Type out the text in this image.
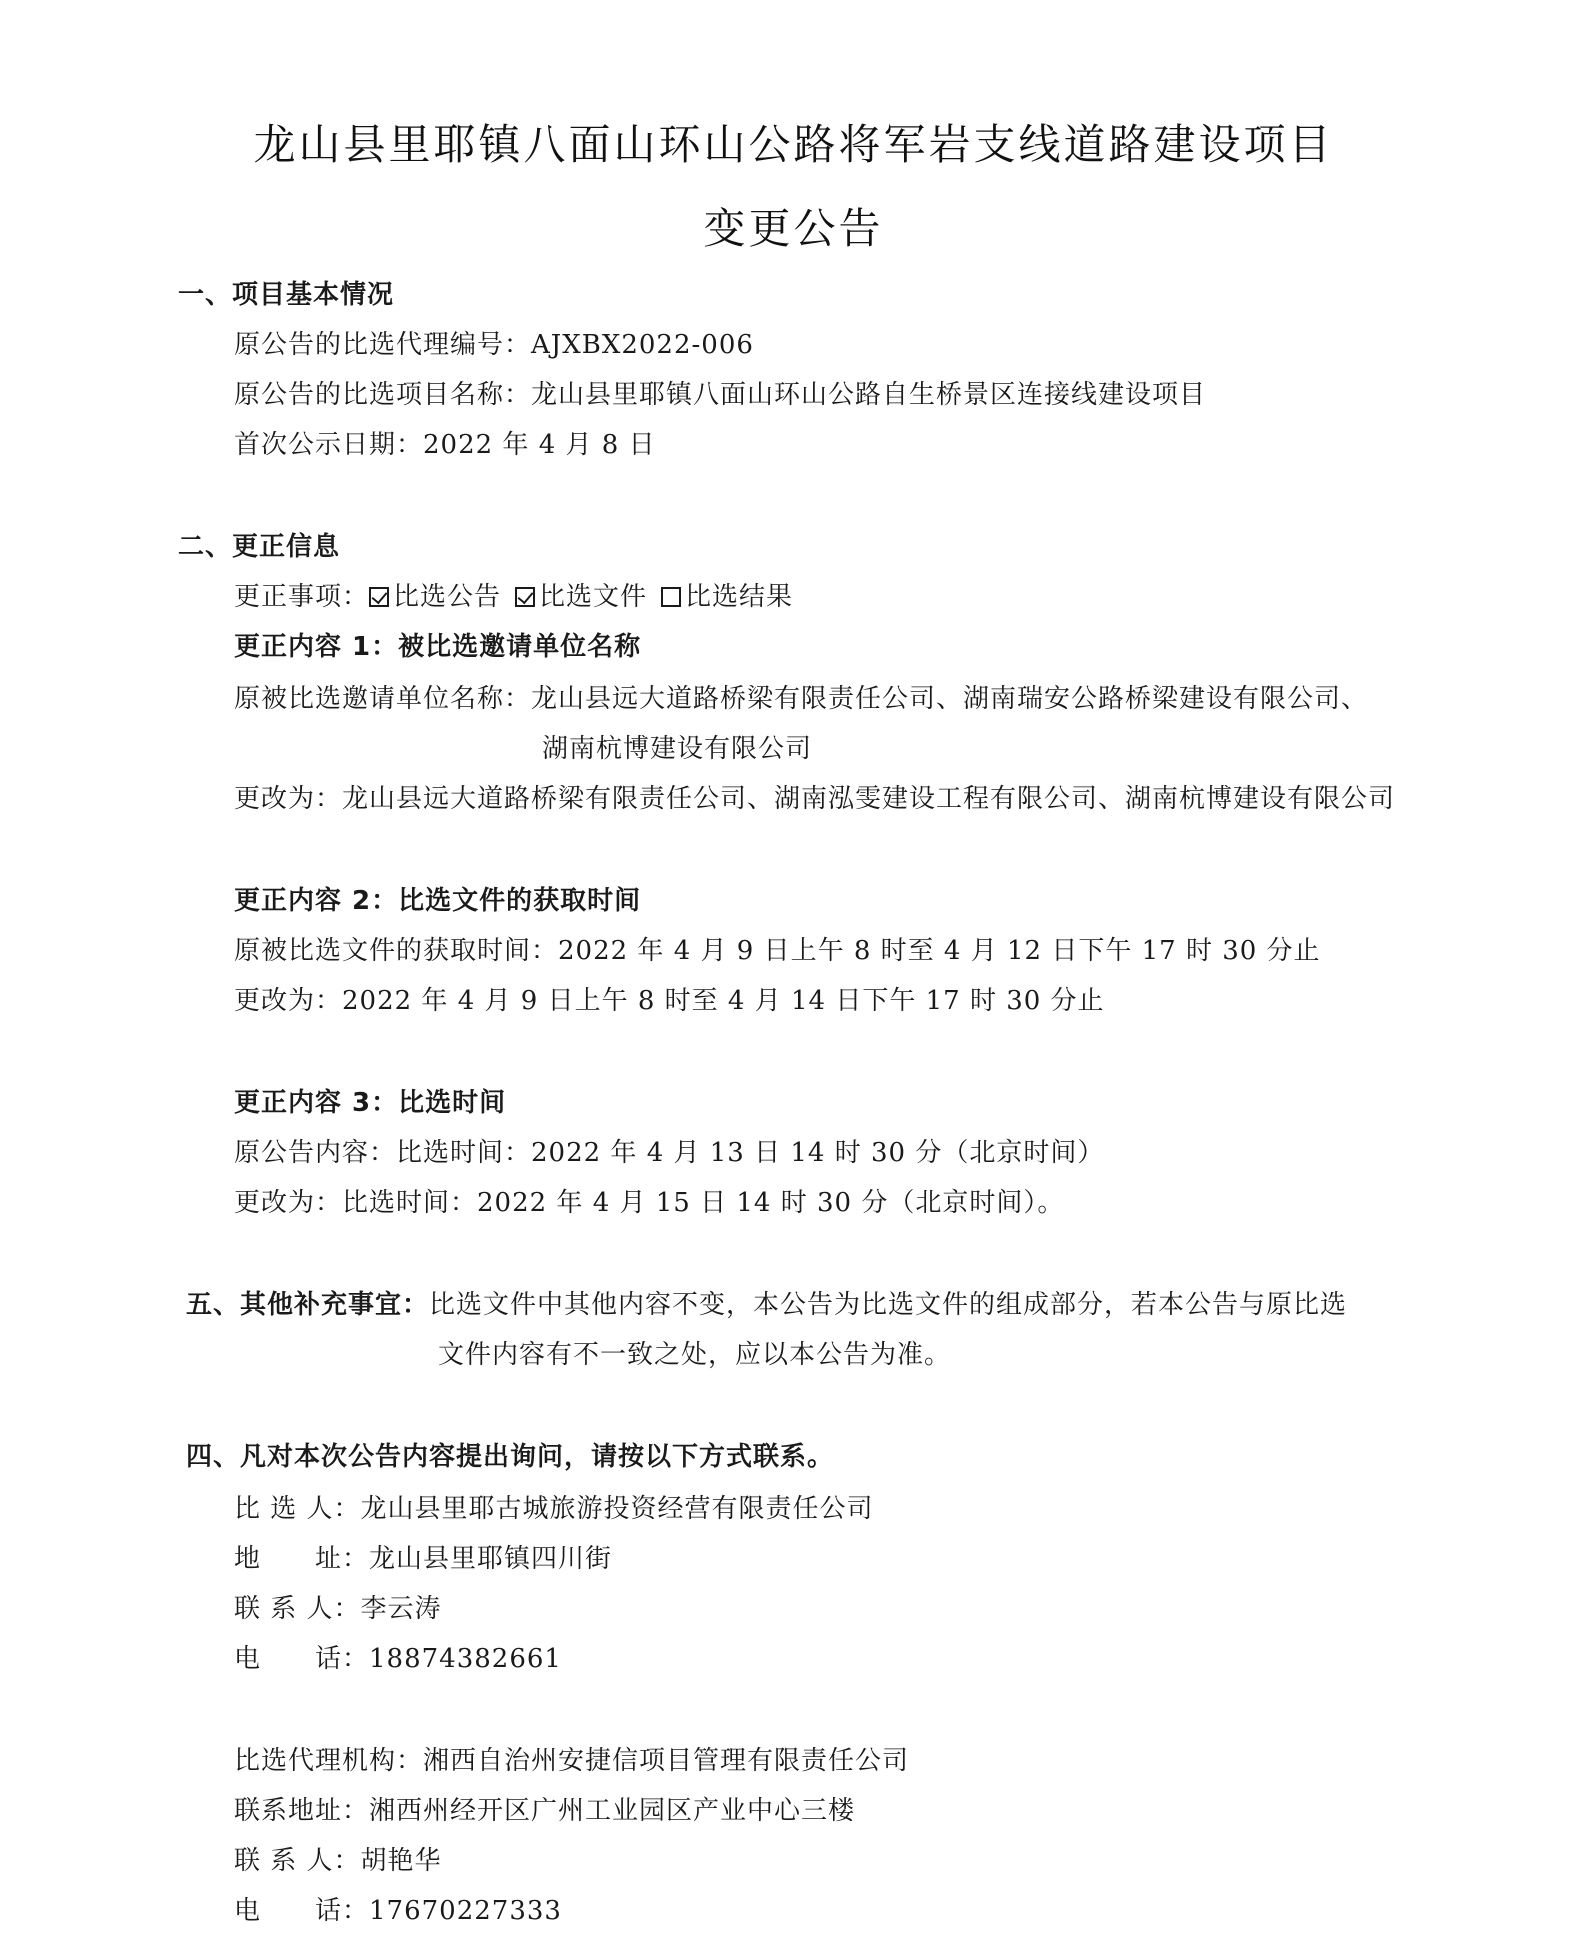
龙山县里耶镇八面山环山公路将军岩支线道路建设项目
变更公告
一、项目基本情况
原公告的比选代理编号：AJXBX2022-006
原公告的比选项目名称：龙山县里耶镇八面山环山公路自生桥景区连接线建设项目
首次公示日期：2022 年 4 月 8 日
二、更正信息
更正事项： 比选公告 比选文件 比选结果
更正内容 1：被比选邀请单位名称
原被比选邀请单位名称：龙山县远大道路桥梁有限责任公司、湖南瑞安公路桥梁建设有限公司、
湖南杭博建设有限公司
更改为：龙山县远大道路桥梁有限责任公司、湖南泓雯建设工程有限公司、湖南杭博建设有限公司
更正内容 2：比选文件的获取时间
原被比选文件的获取时间：2022 年 4 月 9 日上午 8 时至 4 月 12 日下午 17 时 30 分止
更改为：2022 年 4 月 9 日上午 8 时至 4 月 14 日下午 17 时 30 分止
更正内容 3：比选时间
原公告内容：比选时间：2022 年 4 月 13 日 14 时 30 分（北京时间）
更改为：比选时间：2022 年 4 月 15 日 14 时 30 分（北京时间）。
五、其他补充事宜：比选文件中其他内容不变，本公告为比选文件的组成部分，若本公告与原比选
文件内容有不一致之处，应以本公告为准。
四、凡对本次公告内容提出询问，请按以下方式联系。
比 选 人：龙山县里耶古城旅游投资经营有限责任公司
地　　址：龙山县里耶镇四川街
联 系 人：李云涛
电　　话：18874382661
比选代理机构：湘西自治州安捷信项目管理有限责任公司
联系地址：湘西州经开区广州工业园区产业中心三楼
联 系 人：胡艳华
电　　话：17670227333
